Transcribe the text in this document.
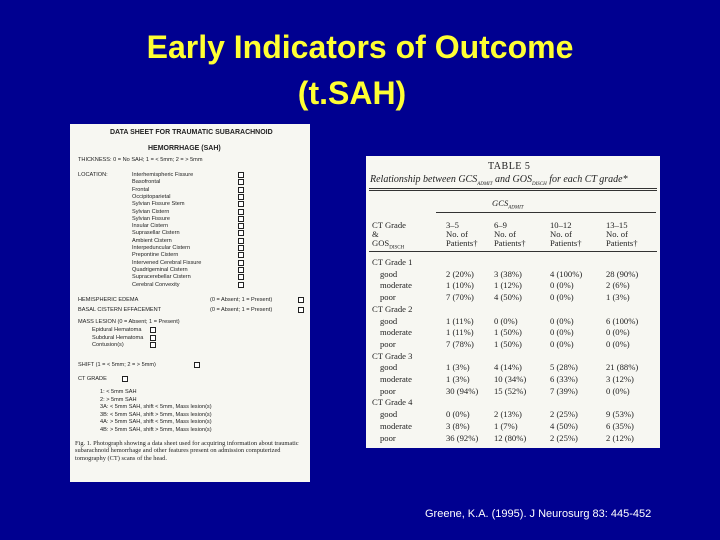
Early Indicators of Outcome
(t.SAH)
DATA SHEET FOR TRAUMATIC SUBARACHNOID
HEMORRHAGE (SAH)
THICKNESS: 0 = No SAH; 1 = < 5mm; 2 = > 5mm
LOCATION:	Interhemispheric Fissure
Basofrontal
Frontal
Occipitoparietal
Sylvian Fissure Stem
Sylvian Cistern
Sylvian Fissure
Insular Cistern
Suprasellar Cistern
Ambient Cistern
Interpeduncular Cistern
Prepontine Cistern
Intervened Cerebral Fissure
Quadrigeminal Cistern
Supracerebellar Cistern
Cerebral Convexity
HEMISPHERIC EDEMA	(0 = Absent; 1 = Present)
BASAL CISTERN EFFACEMENT	(0 = Absent; 1 = Present)
MASS LESION (0 = Absent; 1 = Present)
Epidural Hematoma
Subdural Hematoma
Contusion(s)
SHIFT (1 = < 5mm; 2 = > 5mm)
CT GRADE
1: < 5mm SAH
2: > 5mm SAH
3A: < 5mm SAH, shift < 5mm, Mass lesion(s)
3B: < 5mm SAH, shift > 5mm, Mass lesion(s)
4A: > 5mm SAH, shift < 5mm, Mass lesion(s)
4B: > 5mm SAH, shift > 5mm, Mass lesion(s)
Fig. 1. Photograph showing a data sheet used for acquiring information about traumatic subarachnoid hemorrhage and other features present on admission computerized tomography (CT) scans of the head.
TABLE 5
Relationship between $GCS_{ADMIT}$ and $GOS_{DISCH}$ for each CT grade*
$GCS_{ADMIT}$
CT Grade
&
$GOS_{DISCH}$
3–5
No. of
Patients†
6–9
No. of
Patients†
10–12
No. of
Patients†
13–15
No. of
Patients†
CT Grade 1
good	2 (20%) 3 (38%)	4 (100%)	28 (90%)
moderate	1 (10%) 1 (12%)	0 (0%)	2 (6%)
poor	7 (70%) 4 (50%)	0 (0%)	1 (3%)
CT Grade 2
good	1 (11%) 0 (0%)	0 (0%)	6 (100%)
moderate	1 (11%) 1 (50%)	0 (0%)	0 (0%)
poor	7 (78%) 1 (50%)	0 (0%)	0 (0%)
CT Grade 3
good	1 (3%)	4 (14%)	5 (28%)	21 (88%)
moderate	1 (3%)	10 (34%)	6 (33%)	3 (12%)
poor	30 (94%) 15 (52%)	7 (39%)	0 (0%)
CT Grade 4
good	0 (0%)	2 (13%)	2 (25%)	9 (53%)
moderate	3 (8%)	1 (7%)	4 (50%)	6 (35%)
poor	36 (92%) 12 (80%)	2 (25%)	2 (12%)
Greene, K.A. (1995). J Neurosurg 83: 445-452
